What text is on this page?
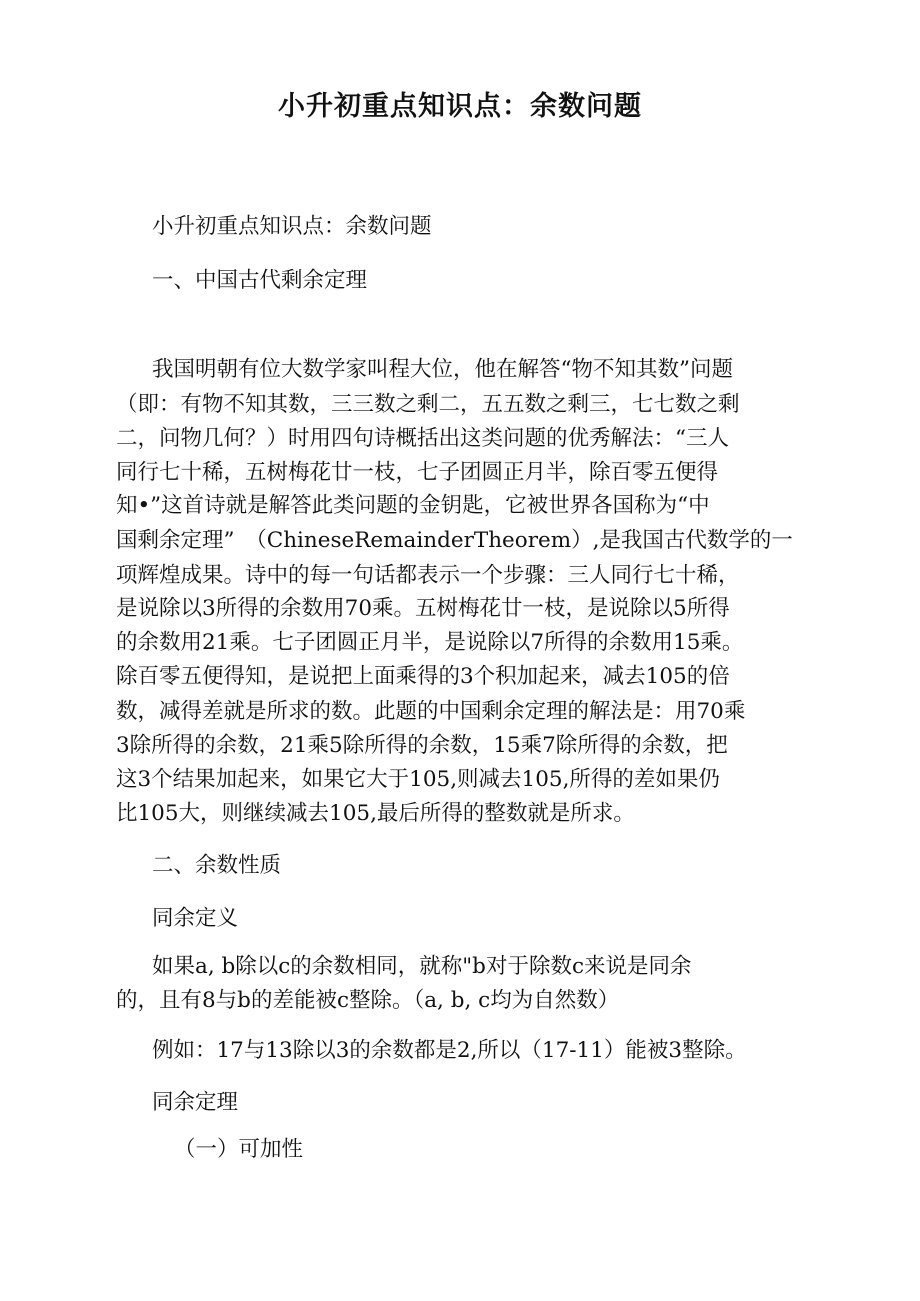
小升初重点知识点：余数问题
小升初重点知识点：余数问题
一、中国古代剩余定理
我国明朝有位大数学家叫程大位，他在解答“物不知其数”问题
（即：有物不知其数，三三数之剩二，五五数之剩三，七七数之剩
二，问物几何？）时用四句诗概括出这类问题的优秀解法：“三人
同行七十稀，五树梅花廿一枝，七子团圆正月半，除百零五便得
知•”这首诗就是解答此类问题的金钥匙，它被世界各国称为“中
国剩余定理”　（ChineseRemainderTheorem）,是我国古代数学的一
项辉煌成果。诗中的每一句话都表示一个步骤：三人同行七十稀，
是说除以3所得的余数用70乘。五树梅花廿一枝，是说除以5所得
的余数用21乘。七子团圆正月半，是说除以7所得的余数用15乘。
除百零五便得知，是说把上面乘得的3个积加起来，减去105的倍
数，减得差就是所求的数。此题的中国剩余定理的解法是：用70乘
3除所得的余数，21乘5除所得的余数，15乘7除所得的余数，把
这3个结果加起来，如果它大于105,则减去105,所得的差如果仍
比105大，则继续减去105,最后所得的整数就是所求。
二、余数性质
同余定义
如果a, b除以c的余数相同，就称"b对于除数c来说是同余
的，且有8与b的差能被c整除。（a, b, c均为自然数）
例如：17与13除以3的余数都是2,所以（17-11）能被3整除。
同余定理
（一）可加性
